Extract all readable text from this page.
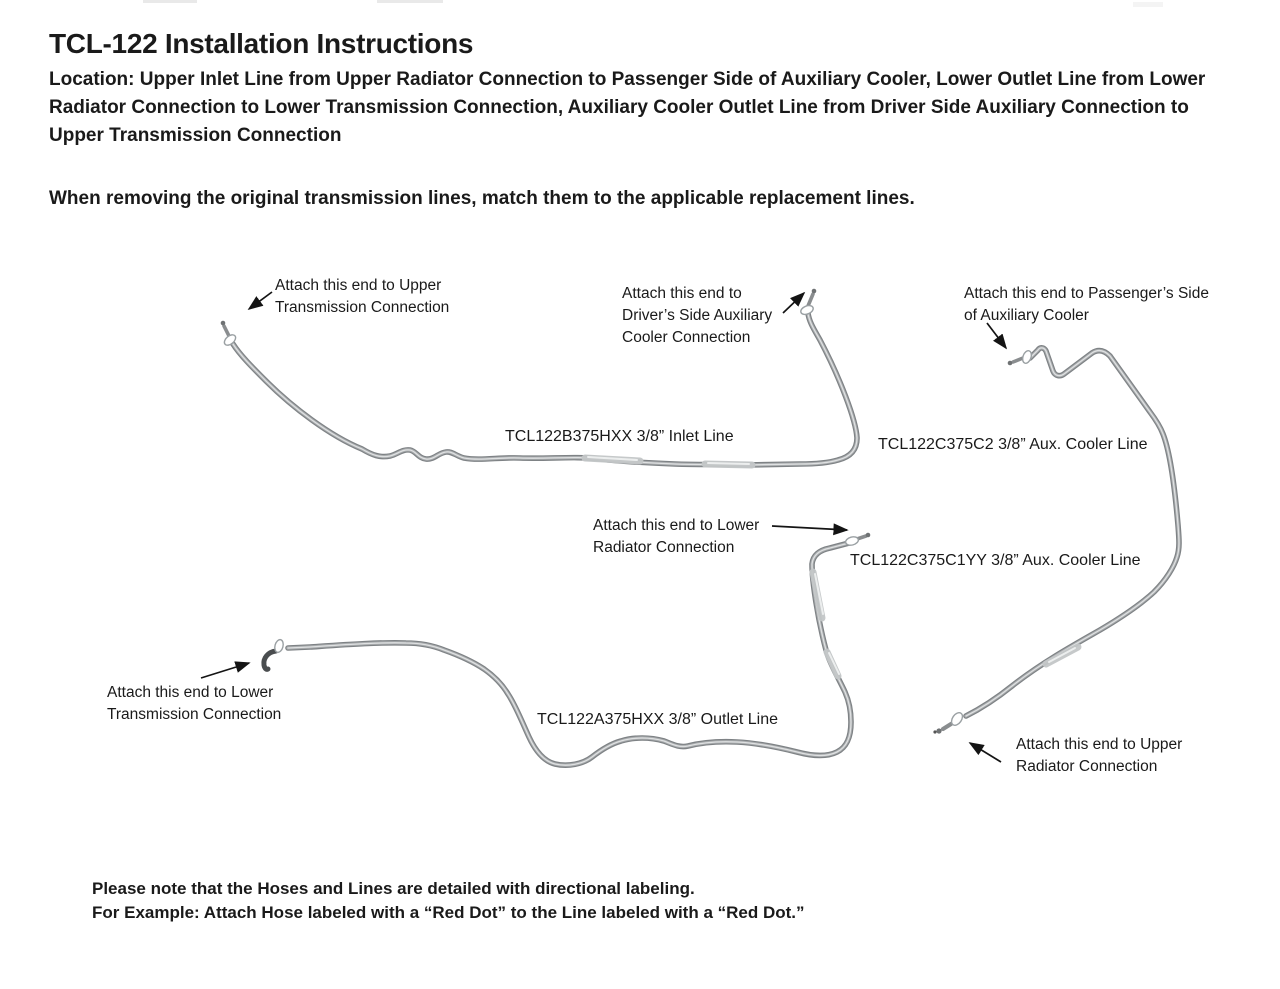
TCL-122 Installation Instructions
Location: Upper Inlet Line from Upper Radiator Connection to Passenger Side of Auxiliary Cooler, Lower Outlet Line from Lower
Radiator Connection to Lower Transmission Connection, Auxiliary Cooler Outlet Line from Driver Side Auxiliary Connection to
Upper Transmission Connection
When removing the original transmission lines, match them to the applicable replacement lines.
Attach this end to Upper
Transmission Connection
Attach this end to
Driver’s Side Auxiliary
Cooler Connection
Attach this end to Passenger’s Side
of Auxiliary Cooler
Attach this end to Lower
Radiator Connection
Attach this end to Lower
Transmission Connection
Attach this end to Upper
Radiator Connection
TCL122B375HXX 3/8” Inlet Line	TCL122C375C2 3/8” Aux. Cooler Line
TCL122C375C1YY 3/8” Aux. Cooler Line
TCL122A375HXX 3/8” Outlet Line
Please note that the Hoses and Lines are detailed with directional labeling.
For Example: Attach Hose labeled with a “Red Dot” to the Line labeled with a “Red Dot.”
